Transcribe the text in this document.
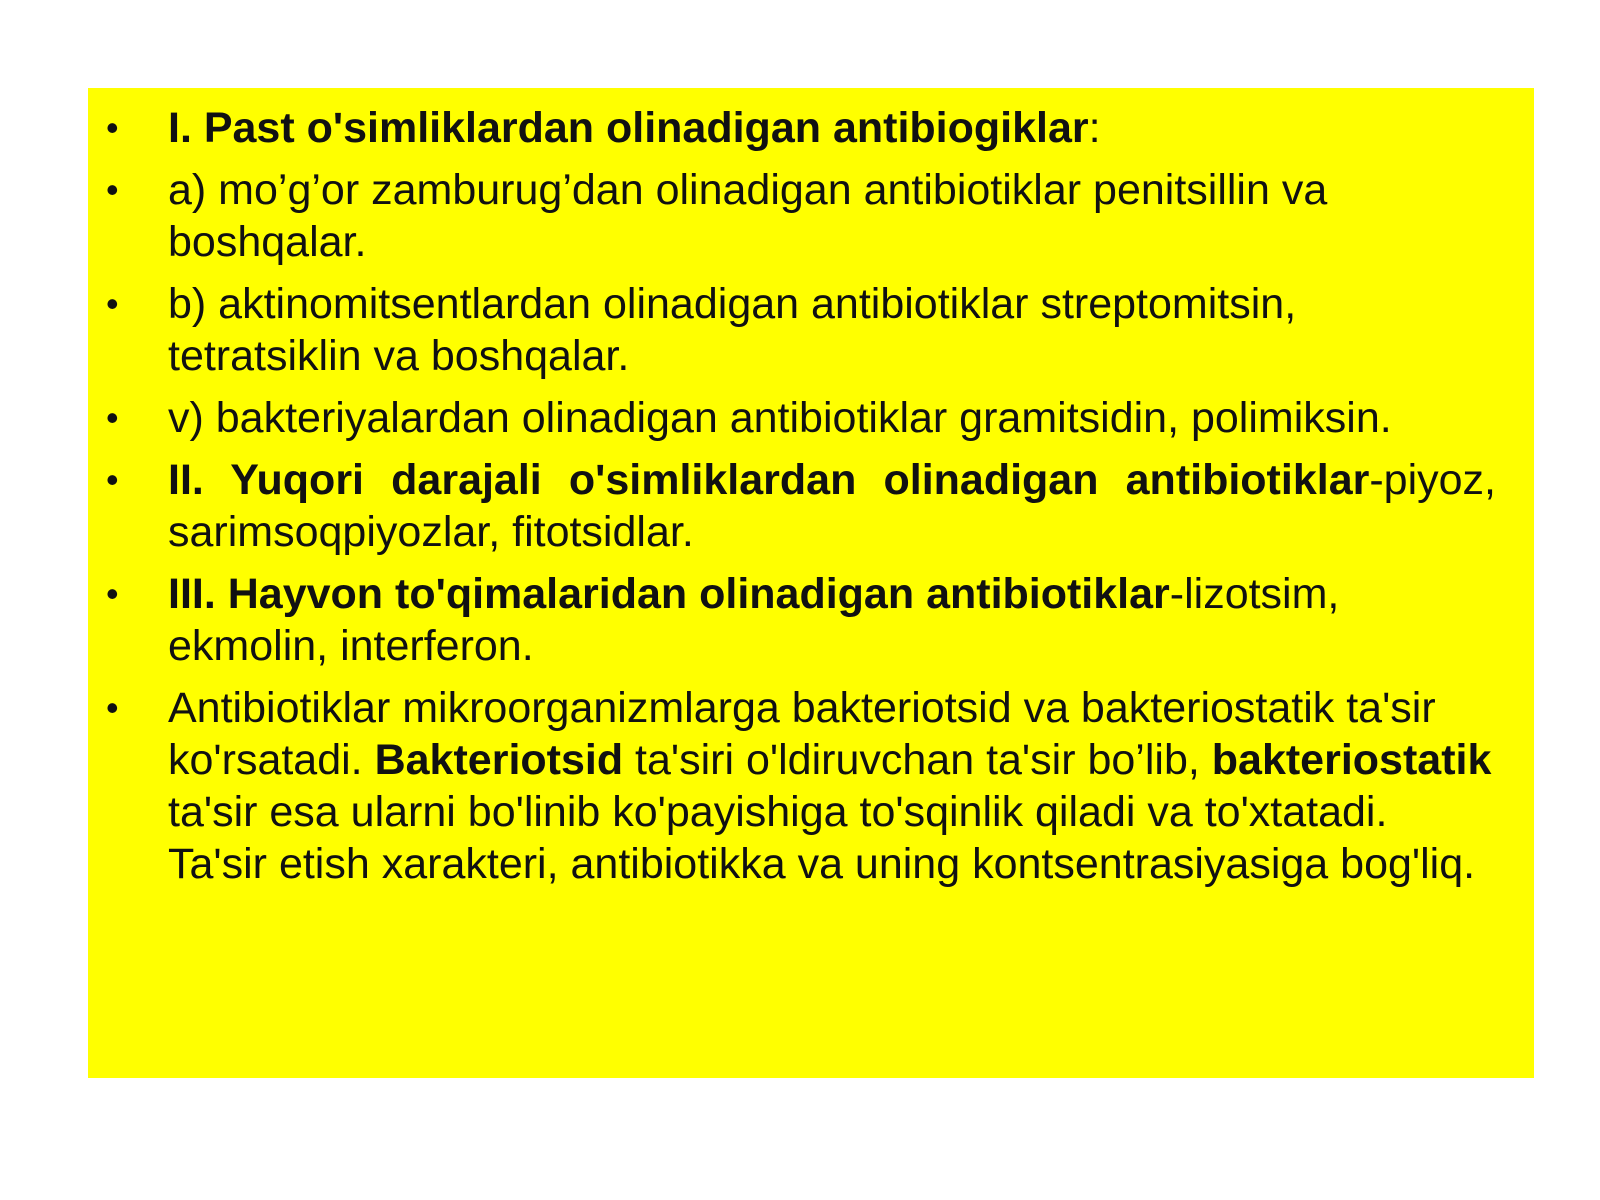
• I. Past o'simliklardan olinadigan antibiogiklar:
• a) mo’g’or zamburug’dan olinadigan antibiotiklar penitsillin va boshqalar.
• b) aktinomitsentlardan olinadigan antibiotiklar streptomitsin, tetratsiklin va boshqalar.
• v) bakteriyalardan olinadigan antibiotiklar gramitsidin, polimiksin.
• II. Yuqori darajali o'simliklardan olinadigan antibiotiklar-piyoz, sarimsoqpiyozlar, fitotsidlar.
• III. Hayvon to'qimalaridan olinadigan antibiotiklar-lizotsim, ekmolin, interferon.
• Antibiotiklar mikroorganizmlarga bakteriotsid va bakteriostatik ta'sir ko'rsatadi. Bakteriotsid ta'siri o'ldiruvchan ta'sir bo’lib, bakteriostatik ta'sir esa ularni bo'linib ko'payishiga to'sqinlik qiladi va to'xtatadi. Ta'sir etish xarakteri, antibiotikka va uning kontsentrasiyasiga bog'liq.
